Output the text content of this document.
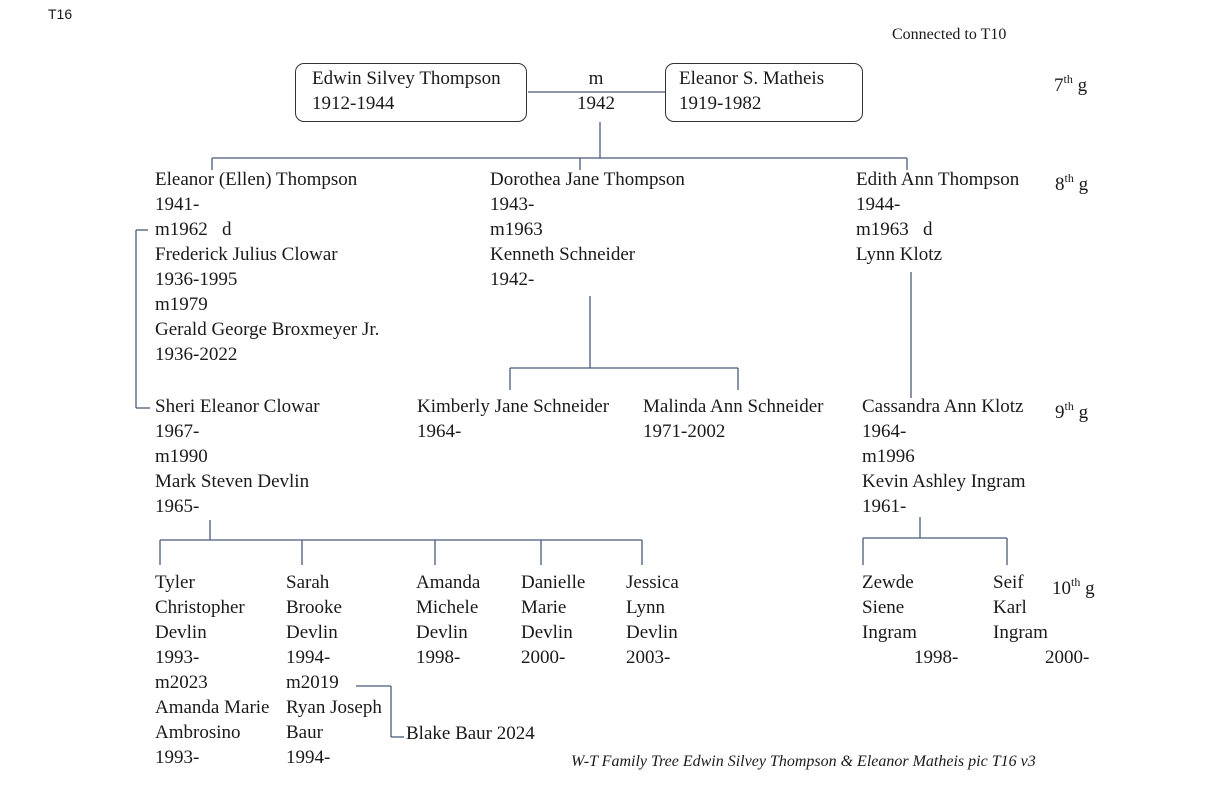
T16
Connected to T10
7th g
8th g
9th g
10th g
Edwin Silvey Thompson
1912-1944
m
1942
Eleanor S. Matheis
1919-1982
Eleanor (Ellen) Thompson
1941-
m1962   d
Frederick Julius Clowar
1936-1995
m1979
Gerald George Broxmeyer Jr.
1936-2022
Dorothea Jane Thompson
1943-
m1963
Kenneth Schneider
1942-
Edith Ann Thompson
1944-
m1963   d
Lynn Klotz
Sheri Eleanor Clowar
1967-
m1990
Mark Steven Devlin
1965-
Kimberly Jane Schneider
1964-
Malinda Ann Schneider
1971-2002
Cassandra Ann Klotz
1964-
m1996
Kevin Ashley Ingram
1961-
Tyler
Christopher
Devlin
1993-
m2023
Amanda Marie
Ambrosino
1993-
Sarah
Brooke
Devlin
1994-
m2019
Ryan Joseph
Baur
1994-
Amanda
Michele
Devlin
1998-
Danielle
Marie
Devlin
2000-
Jessica
Lynn
Devlin
2003-
Zewde
Siene
Ingram
1998-
Seif
Karl
Ingram
2000-
Blake Baur 2024
W-T Family Tree Edwin Silvey Thompson & Eleanor Matheis pic T16 v3
